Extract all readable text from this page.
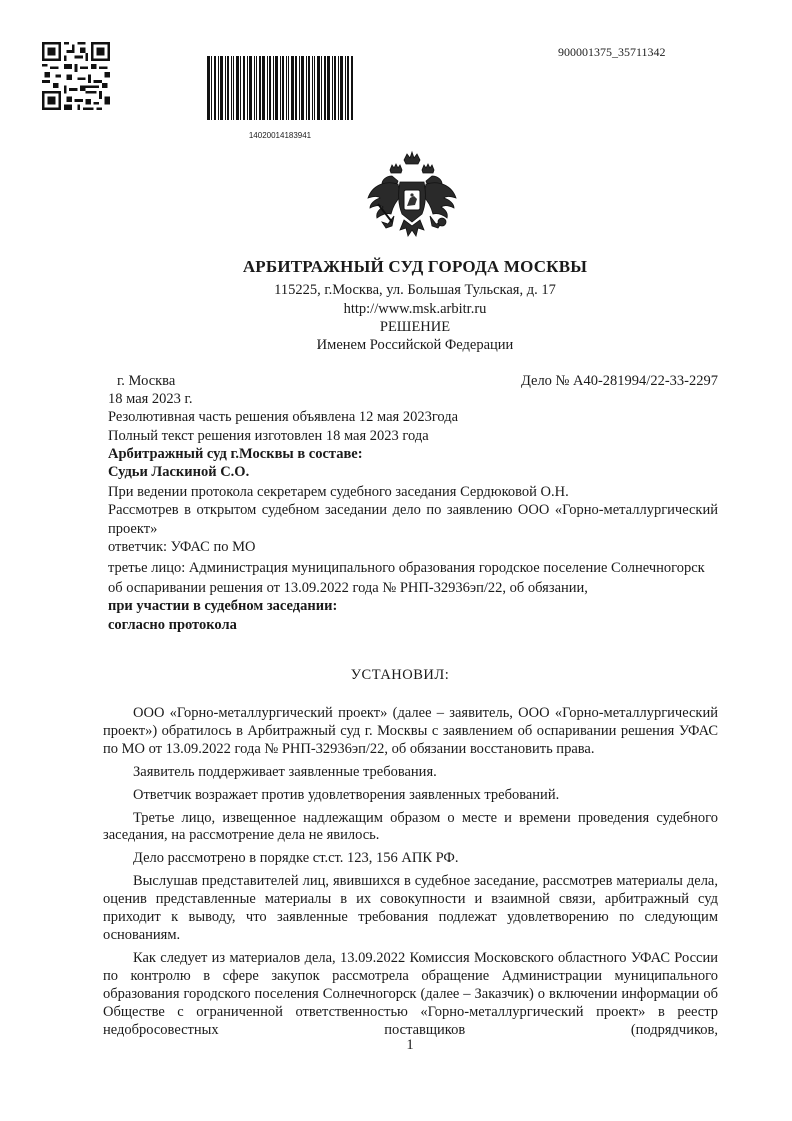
14020014183941
900001375_35711342
АРБИТРАЖНЫЙ СУД ГОРОДА МОСКВЫ
115225, г.Москва, ул. Большая Тульская, д. 17
http://www.msk.arbitr.ru
РЕШЕНИЕ
Именем Российской Федерации
г. Москва	Дело № А40-281994/22-33-2297
18 мая 2023 г.
Резолютивная часть решения объявлена 12 мая 2023года
Полный текст решения изготовлен 18 мая 2023 года
Арбитражный суд г.Москвы в составе:
Судьи Ласкиной С.О.
При ведении протокола секретарем судебного заседания Сердюковой О.Н.
Рассмотрев в открытом судебном заседании дело по заявлению ООО «Горно-металлургический проект»
ответчик: УФАС по МО
третье лицо: Администрация муниципального образования городское поселение Солнечногорск
об оспаривании решения от 13.09.2022 года № РНП-32936эп/22, об обязании,
при участии в судебном заседании:
согласно протокола
УСТАНОВИЛ:

ООО «Горно-металлургический проект» (далее – заявитель, ООО «Горно-металлургический проект») обратилось в Арбитражный суд г. Москвы с заявлением об оспаривании решения УФАС по МО от 13.09.2022 года № РНП-32936эп/22, об обязании восстановить права.

Заявитель поддерживает заявленные требования.

Ответчик возражает против удовлетворения заявленных требований.

Третье лицо, извещенное надлежащим образом о месте и времени проведения судебного заседания, на рассмотрение дела не явилось.

Дело рассмотрено в порядке ст.ст. 123, 156 АПК РФ.

Выслушав представителей лиц, явившихся в судебное заседание, рассмотрев материалы дела, оценив представленные материалы в их совокупности и взаимной связи, арбитражный суд приходит к выводу, что заявленные требования подлежат удовлетворению по следующим основаниям.

Как следует из материалов дела, 13.09.2022 Комиссия Московского областного УФАС России по контролю в сфере закупок рассмотрела обращение Администрации муниципального образования городского поселения Солнечногорск (далее – Заказчик) о включении информации об Обществе с ограниченной ответственностью «Горно-металлургический проект» в реестр недобросовестных поставщиков (подрядчиков,

1
